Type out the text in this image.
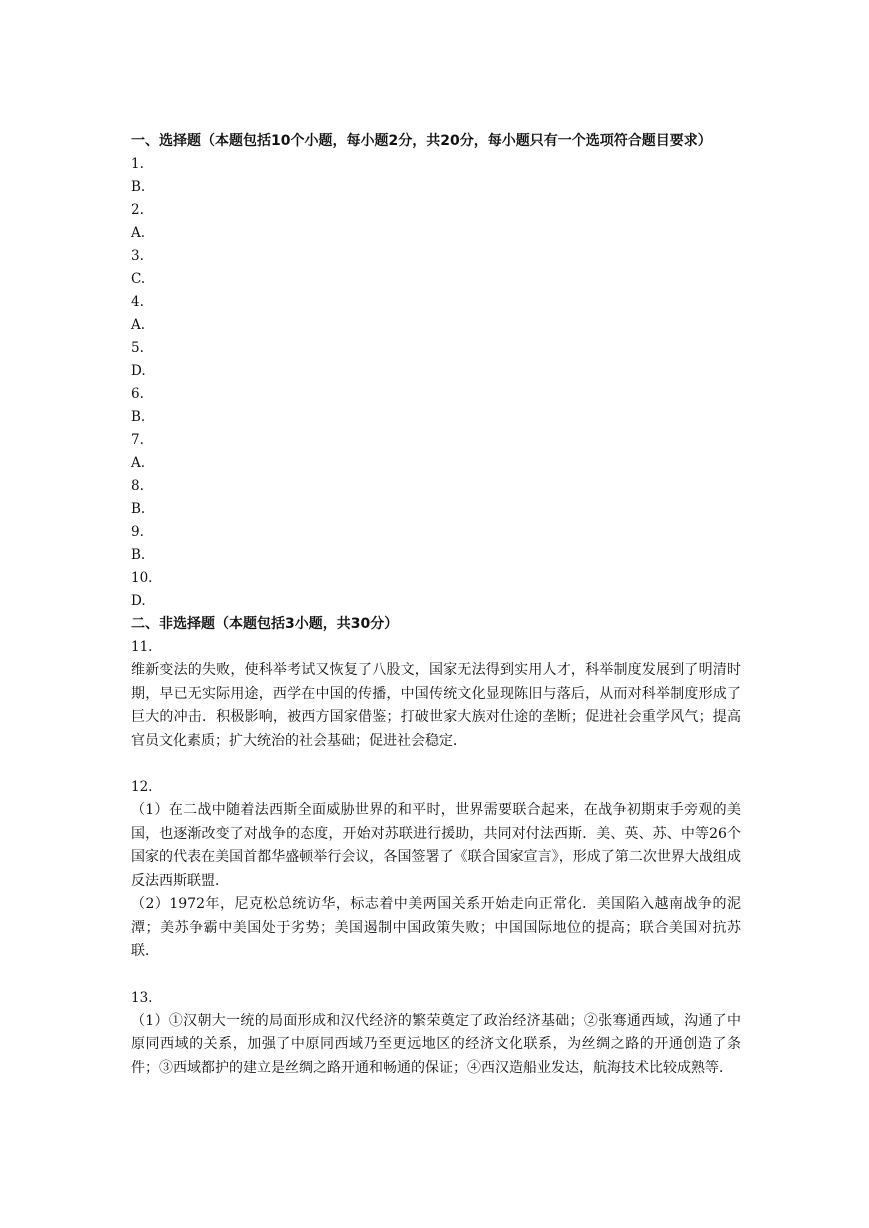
一、选择题（本题包括10个小题，每小题2分，共20分，每小题只有一个选项符合题目要求）

1.

B.

2.

A.

3.

C.

4.

A.

5.

D.

6.

B.

7.

A.

8.

B.

9.

B.

10.

D.

二、非选择题（本题包括3小题，共30分）

11.

维新变法的失败，使科举考试又恢复了八股文，国家无法得到实用人才，科举制度发展到了明清时期，早已无实际用途，西学在中国的传播，中国传统文化显现陈旧与落后，从而对科举制度形成了巨大的冲击．积极影响，被西方国家借鉴；打破世家大族对仕途的垄断；促进社会重学风气；提高官员文化素质；扩大统治的社会基础；促进社会稳定．

12.

（1）在二战中随着法西斯全面威胁世界的和平时，世界需要联合起来，在战争初期束手旁观的美国，也逐渐改变了对战争的态度，开始对苏联进行援助，共同对付法西斯．美、英、苏、中等26个国家的代表在美国首都华盛顿举行会议，各国签署了《联合国家宣言》，形成了第二次世界大战组成反法西斯联盟．

（2）1972年，尼克松总统访华，标志着中美两国关系开始走向正常化．美国陷入越南战争的泥潭；美苏争霸中美国处于劣势；美国遏制中国政策失败；中国国际地位的提高；联合美国对抗苏联．

13.

（1）①汉朝大一统的局面形成和汉代经济的繁荣奠定了政治经济基础；②张骞通西域，沟通了中原同西域的关系，加强了中原同西域乃至更远地区的经济文化联系，为丝绸之路的开通创造了条件；③西域都护的建立是丝绸之路开通和畅通的保证；④西汉造船业发达，航海技术比较成熟等．
